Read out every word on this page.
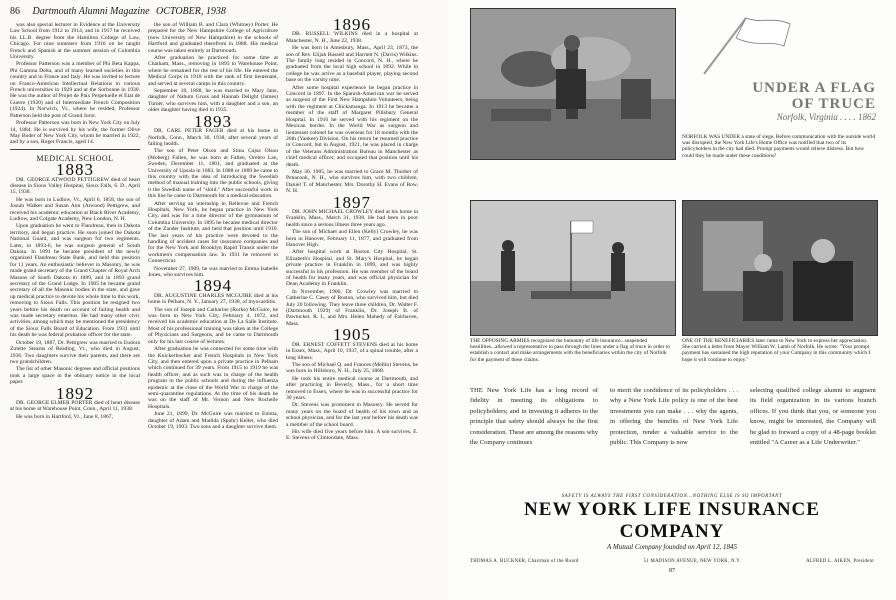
86 Dartmouth Alumni Magazine OCTOBER, 1938

was also special lecturer in Evidence at the University Law School from 1912 to 1914, and in 1917 he received his LL.B. degree from the Hamilton College of Law, Chicago. For nine summers from 1916 on he taught French and Spanish at the summer session of Columbia University.

Professor Patterson was a member of Phi Beta Kappa, Phi Gamma Delta, and of many learned societies in this country and in France and Italy. He was invited to lecture on Franco-American Intellectual Relations in various French universities in 1929 and at the Sorbonne in 1930. He was the author of Projet de Paix Perpetuelle et Etat de Guerre (1920) and of Intermediate French Composition (1924). In Norwich, Vt., where he resided, Professor Patterson held the post of Grand Juror.

Professor Patterson was born in New York City on July 14, 1884. He is survived by his wife, the former Olive May Boder of New York City, whom he married in 1922, and by a son, Roger Francis, aged 14.

MEDICAL SCHOOL
1883

DR. GEORGE ATWOOD PETTIGREW died of heart disease in Sioux Valley Hospital, Sioux Falls, S. D., April 15, 1938.

He was born in Ludlow, Vt., April 6, 1858, the son of Josiah Walker and Susan Ann (Atwood) Pettigrew, and received his academic education at Black River Academy, Ludlow, and Colgate Academy, New London, N. H.

Upon graduation he went to Flandreau, then in Dakota territory, and began practice. He soon joined the Dakota National Guard, and was surgeon for two regiments. Later, in 1893-6, he was surgeon general of South Dakota. In 1891 he became president of the newly organized Flandreau State Bank, and held this position for 11 years. An enthusiastic believer in Masonry, he was made grand secretary of the Grand Chapter of Royal Arch Masons of South Dakota in 1889, and in 1893 grand secretary of the Grand Lodge. In 1905 he became grand secretary of all the Masonic bodies in the state, and gave up medical practice to devote his whole time to this work, removing to Sioux Falls. This position he resigned two years before his death on account of failing health and was made secretary emeritus. He had many other civic activities, among which may be mentioned the presidency of the Sioux Falls Board of Education. From 1931 until his death he was federal probation officer for the state.

October 19, 1887, Dr. Pettigrew was married to Eudora Zulette Stearns of Reading, Vt., who died in August, 1936. Two daughters survive their parents, and there are two grandchildren.

The list of other Masonic degrees and official positions took a large space in the obituary notice in the local paper.

1892

DR. GEORGE ELMER PORTER died of heart disease at his home at Warehouse Point, Conn., April 11, 1938.

He was born in Hartford, Vt., June 8, 1867,

the son of William B. and Clara (Whitney) Porter. He prepared for the New Hampshire College of Agriculture (now University of New Hampshire) in the schools of Hartford and graduated therefrom in 1888. His medical course was taken entirely at Dartmouth.

After graduation he practiced for some time at Chatham, Mass., removing in 1893 to Warehouse Point, where he remained for the rest of his life. He entered the Medical Corps in 1918 with the rank of first lieutenant, and served at several camps in this country.

September 18, 1888, he was married to Mary Jane, daughter of Nahum Gross and Hannah Delight (James) Turner, who survives him, with a daughter and a son, an older daughter having died in 1935.

1893

DR. CARL PETER FAGER died at his home in Norfolk, Conn., March 30, 1938, after several years of failing health.

The son of Peter Olson and Stina Cajsa Olson (Moberg) Fallen, he was born at Fallen, Orebro Lan, Sweden, December 11, 1861, and graduated at the University of Upsala in 1883. In 1888 or 1889 he came to this country with the idea of introducing the Swedish method of manual training into the public schools, giving it the Swedish name of "sloid." After successful work in this line he came to Dartmouth for a medical education.

After serving an internship in Bellevue and French Hospitals, New York, he began practice in New York City, and was for a time director of the gymnasium of Columbia University. In 1895 he became medical director of the Zander Institute, and held that position until 1910. The last years of his practice were devoted to the handling of accident cases for insurance companies and for the New York and Brooklyn Rapid Transit under the workmen's compensation law. In 1931 he removed to Connecticut.

November 27, 1909, he was married to Emma Isabelle Jones, who survives him.

1894

DR. AUGUSTINE CHARLES MCGUIRE died at his home in Pelham, N. Y., January 27, 1938, of myocarditis.

The son of Joseph and Catharine (Rorke) McGuire, he was born in New York City, February 4, 1872, and received his academic education at De La Salle Institute. Most of his professional training was taken at the College of Physicians and Surgeons, and he came to Dartmouth only for his last course of lectures.

After graduation he was connected for some time with the Knickerbocker and French Hospitals in New York City, and then entered upon a private practice in Pelham which continued for 39 years. From 1915 to 1919 he was health officer, and as such was in charge of the health program in the public schools and during the influenza epidemic at the close of the World War in charge of the semi-quarantine regulations. At the time of his death he was on the staff of Mt. Vernon and New Rochelle Hospitals.

June 21, 1899, Dr. McGuire was married to Emma, daughter of Adam and Matilda (Spohr) Keller, who died October 19, 1903. Two sons and a daughter survive them.

1896

DR. RUSSELL WILKINS died in a hospital at Manchester, N. H., June 22, 1938.

He was born in Amesbury, Mass., April 23, 1873, the son of Rev. Elijah Russell and Harriett N. (Davis) Wilkins. The family long resided in Concord, N. H., where he graduated from the local high school in 1892. While in college he was active as a baseball player, playing second base on the varsity nine.

After some hospital experience he began practice in Concord in 1897. In the Spanish-American war he served as surgeon of the First New Hampshire Volunteers, being with the regiment at Chickamauga. In 1913 he became a member of the staff of Margaret Pillsbury General Hospital. In 1916 he served with his regiment on the Mexican border. In the World War as surgeon and lieutenant colonel he was overseas for 18 months with the 26th (Yankee) Division. On his return he resumed practice in Concord, but in August, 1921, he was placed in charge of the Veterans Administration Bureau in Manchester as chief medical officer, and occupied that position until his death.

May 30, 1905, he was married to Grace M. Thurber of Penacook, N. H., who survives him, with two children, Daniel T. of Manchester, Mrs. Dorothy H. Evans of Bow, N. H.

1897

DR. JOHN MICHAEL CROWLEY died at his home in Franklin, Mass., March 31, 1938. He had been in poor health since a serious illness three years ago.

The son of Michael and Ellen (Kelly) Crowley, he was born in Hanover, February 11, 1877, and graduated from Hanover High.

After hospital work at Boston City Hospital, St. Elizabeth's Hospital, and St. Mary's Hospital, he began private practice in Franklin in 1899, and was highly successful in his profession. He was member of the board of health for many years, and was official physician for Dean Academy in Franklin.

In November, 1900, Dr. Crowley was married to Catherine C. Casey of Boston, who survived him, but died July 20 following. They leave three children, Dr. Walter F. (Dartmouth 1929) of Franklin, Dr. Joseph B. of Pawtucket, R. I., and Mrs. Helen Mahedy of Fairhaven, Mass.

1905

DR. ERNEST COFFETT STEVENS died at his home in Essex, Mass., April 10, 1937, of a spinal trouble, after a long illness.

The son of Michael Q. and Frances (Mellin) Stevens, he was born in Hillsboro, N. H., July 25, 1868.

He took his entire medical course at Dartmouth, and after practicing in Beverly, Mass., for a short time removed to Essex, where he was in successful practice for 30 years.

Dr. Stevens was prominent in Masonry. He served for many years on the board of health of his town and as school physician, and for the last year before his death was a member of the school board.

His wife died five years before him. A son survives, E. E. Stevens of Clintondale, Mass.

UNDER A FLAG
OF TRUCE
Norfolk, Virginia . . . . 1862
NORFOLK WAS UNDER a state of siege. Before communication with the outside world was disrupted, the New York Life's Home Office was notified that two of its policyholders in the city had died. Prompt payments would relieve distress. But how could they be made under these conditions?
THE OPPOSING ARMIES recognized the humanity of life insurance...suspended hostilities...allowed a representative to pass through the lines under a flag of truce in order to establish a contact and make arrangements with the beneficiaries within the city of Norfolk for the payment of these claims.
ONE OF THE BENEFICIARIES later came to New York to express her appreciation. She carried a letter from Mayor William W. Lamb of Norfolk. He wrote: "Your prompt payment has sustained the high reputation of your Company in this community which I hope it will continue to enjoy."

THE New York Life has a long record of fidelity in meeting its obligations to policyholders; and in investing it adheres to the principle that safety should always be the first consideration. These are among the reasons why the Company continues

to merit the confidence of its policyholders . . . why a New York Life policy is one of the best investments you can make . . . why the agents, in offering the benefits of New York Life protection, render a valuable service to the public. This Company is now

selecting qualified college alumni to augment its field organization in its various branch offices. If you think that you, or someone you know, might be interested, the Company will be glad to forward a copy of a 48-page booklet entitled "A Career as a Life Underwriter."

SAFETY IS ALWAYS THE FIRST CONSIDERATION...NOTHING ELSE IS SO IMPORTANT
NEW YORK LIFE INSURANCE COMPANY
A Mutual Company founded on April 12, 1845
THOMAS A. BUCKNER, Chairman of the Board	51 MADISON AVENUE, NEW YORK, N.Y.	ALFRED L. AIKEN, President
87
